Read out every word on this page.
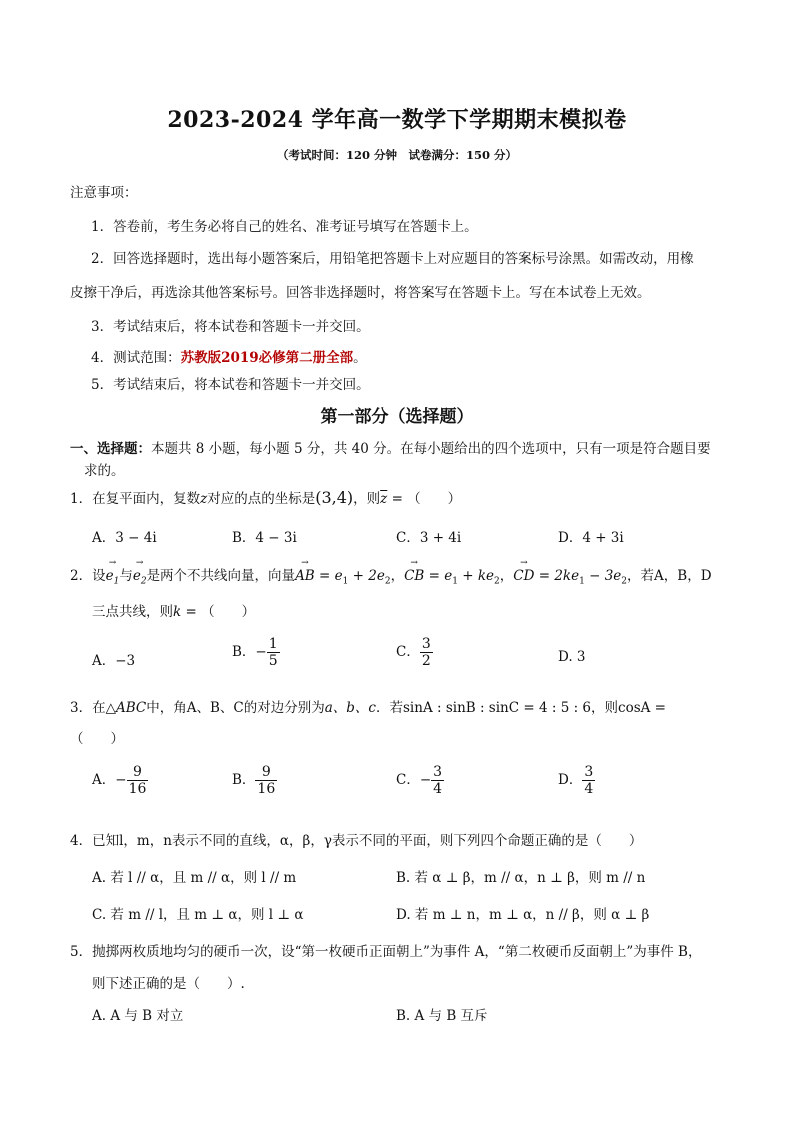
2023-2024 学年高一数学下学期期末模拟卷
（考试时间：120 分钟　试卷满分：150 分）
注意事项：
1．答卷前，考生务必将自己的姓名、准考证号填写在答题卡上。
2．回答选择题时，选出每小题答案后，用铅笔把答题卡上对应题目的答案标号涂黑。如需改动，用橡
皮擦干净后，再选涂其他答案标号。回答非选择题时，将答案写在答题卡上。写在本试卷上无效。
3．考试结束后，将本试卷和答题卡一并交回。
4．测试范围：苏教版2019必修第二册全部。
5．考试结束后，将本试卷和答题卡一并交回。
第一部分（选择题）
一、选择题：本题共 8 小题，每小题 5 分，共 40 分。在每小题给出的四个选项中，只有一项是符合题目要
求的。
1．在复平面内，复数z对应的点的坐标是(3,4)，则$\overline{z}$ = （　　）
A．3 − 4i	B．4 − 3i	C．3 + 4i	D．4 + 3i
2．设→ $e_1$与→ $e_2$是两个不共线向量，向量→ AB = $e_1 + 2e_2$，→ CB = $e_1 + ke_2$，→ CD = $2ke_1 - 3e_2$，若A，B，D
三点共线，则k = （　　）
A．−3
B．− $\frac{1}{5}$	C． $\frac{3}{2}$	D. 3
3．在△ABC中，角A、B、C的对边分别为a、b、c．若sinA : sinB : sinC = 4 : 5 : 6，则cosA =
（　　）
A．− $\frac{9}{16}$	B． $\frac{9}{16}$	C．− $\frac{3}{4}$	D． $\frac{3}{4}$
4．已知l，m，n表示不同的直线，α，β，γ表示不同的平面，则下列四个命题正确的是（　　）
A. 若 l // α，且 m // α，则 l // m	B. 若 α ⊥ β，m // α，n ⊥ β，则 m // n
C. 若 m // l，且 m ⊥ α，则 l ⊥ α	D. 若 m ⊥ n，m ⊥ α，n // β，则 α ⊥ β
5．抛掷两枚质地均匀的硬币一次，设“第一枚硬币正面朝上”为事件 A，“第二枚硬币反面朝上”为事件 B，
则下述正确的是（　　）.
A. A 与 B 对立	B. A 与 B 互斥
